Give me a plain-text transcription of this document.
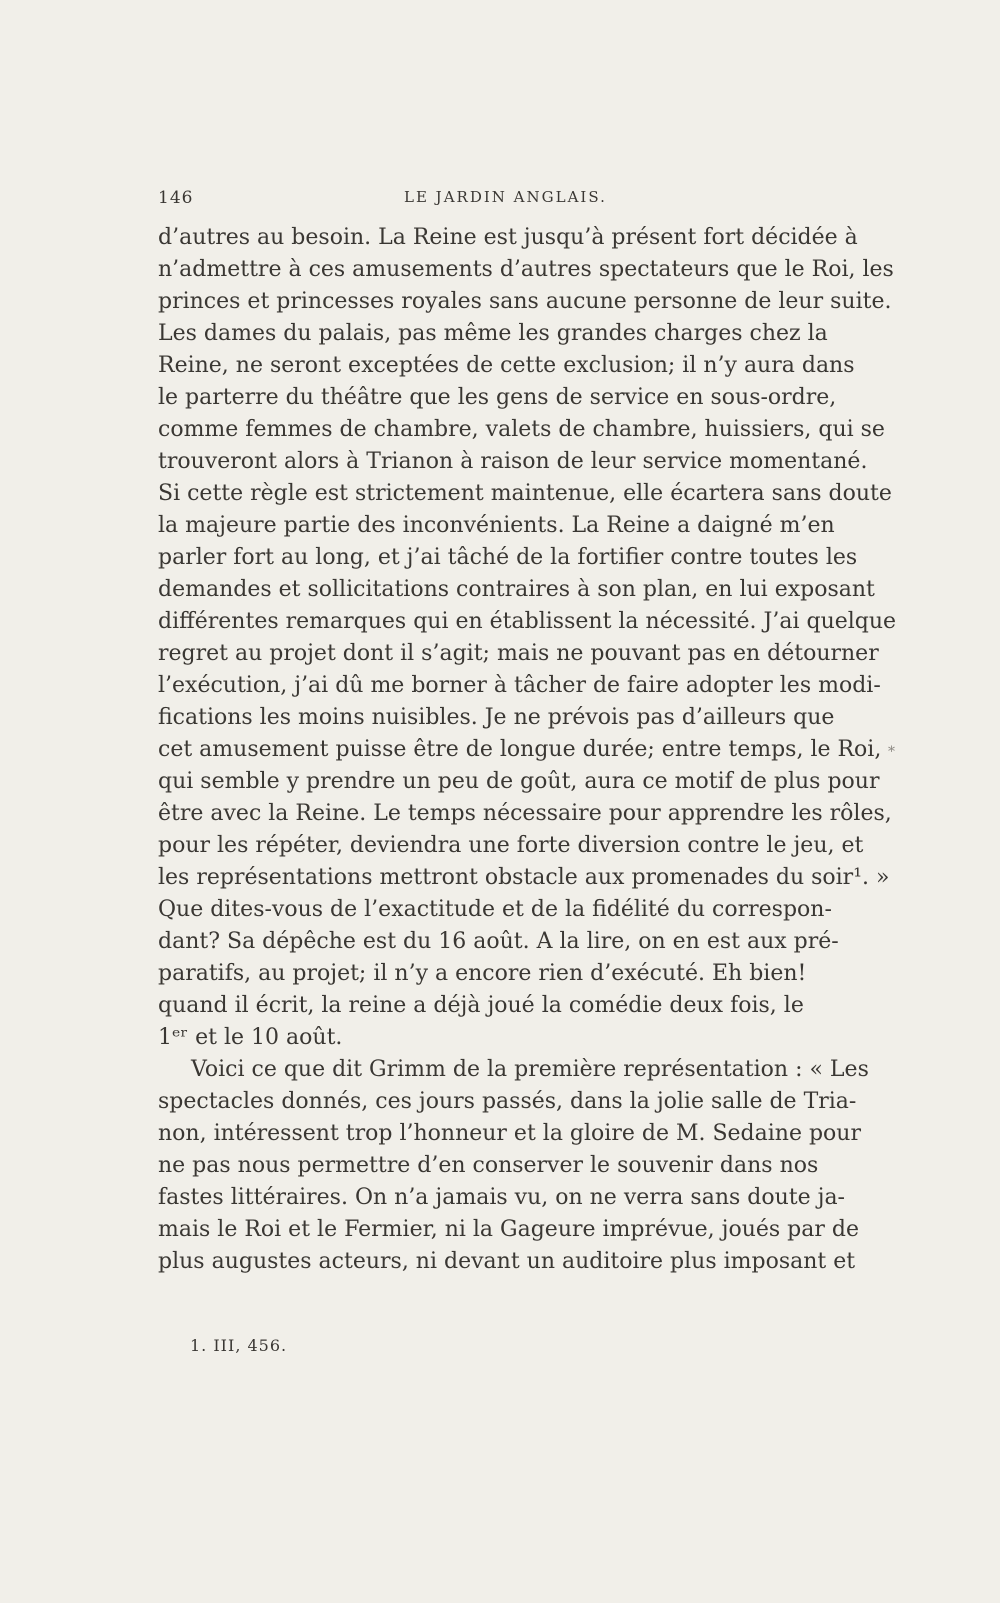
146	LE JARDIN ANGLAIS.
d’autres au besoin. La Reine est jusqu’à présent fort décidée à
n’admettre à ces amusements d’autres spectateurs que le Roi, les
princes et princesses royales sans aucune personne de leur suite.
Les dames du palais, pas même les grandes charges chez la
Reine, ne seront exceptées de cette exclusion; il n’y aura dans
le parterre du théâtre que les gens de service en sous-ordre,
comme femmes de chambre, valets de chambre, huissiers, qui se
trouveront alors à Trianon à raison de leur service momentané.
Si cette règle est strictement maintenue, elle écartera sans doute
la majeure partie des inconvénients. La Reine a daigné m’en
parler fort au long, et j’ai tâché de la fortifier contre toutes les
demandes et sollicitations contraires à son plan, en lui exposant
différentes remarques qui en établissent la nécessité. J’ai quelque
regret au projet dont il s’agit; mais ne pouvant pas en détourner
l’exécution, j’ai dû me borner à tâcher de faire adopter les modi-
fications les moins nuisibles. Je ne prévois pas d’ailleurs que
cet amusement puisse être de longue durée; entre temps, le Roi,
qui semble y prendre un peu de goût, aura ce motif de plus pour
être avec la Reine. Le temps nécessaire pour apprendre les rôles,
pour les répéter, deviendra une forte diversion contre le jeu, et
les représentations mettront obstacle aux promenades du soir¹. »
Que dites-vous de l’exactitude et de la fidélité du correspon-
dant? Sa dépêche est du 16 août. A la lire, on en est aux pré-
paratifs, au projet; il n’y a encore rien d’exécuté. Eh bien!
quand il écrit, la reine a déjà joué la comédie deux fois, le
1ᵉʳ et le 10 août.
Voici ce que dit Grimm de la première représentation : « Les
spectacles donnés, ces jours passés, dans la jolie salle de Tria-
non, intéressent trop l’honneur et la gloire de M. Sedaine pour
ne pas nous permettre d’en conserver le souvenir dans nos
fastes littéraires. On n’a jamais vu, on ne verra sans doute ja-
mais le Roi et le Fermier, ni la Gageure imprévue, joués par de
plus augustes acteurs, ni devant un auditoire plus imposant et
*
1. III, 456.
